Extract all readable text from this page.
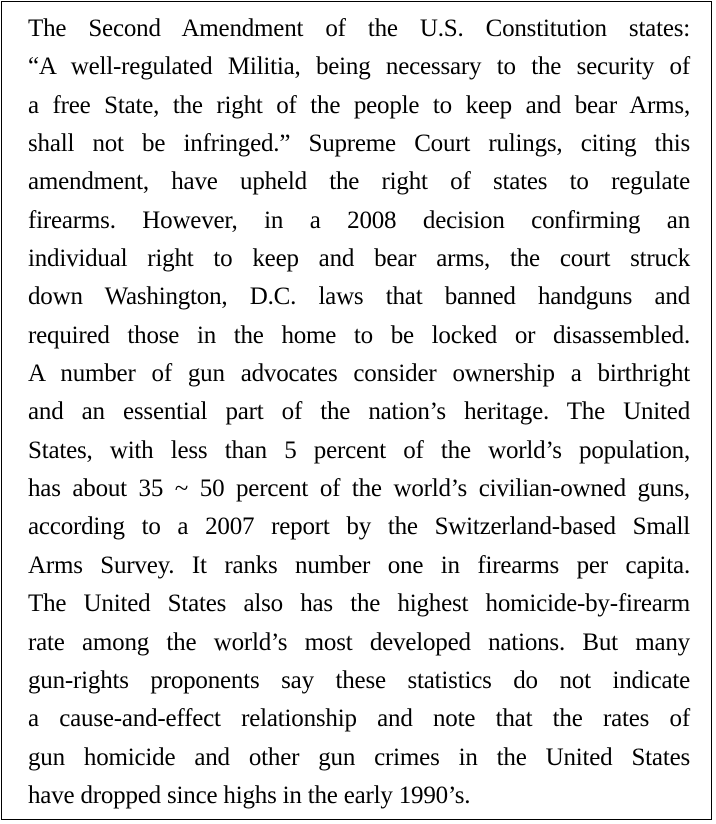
The Second Amendment of the U.S. Constitution states:
“A well-regulated Militia, being necessary to the security of
a free State, the right of the people to keep and bear Arms,
shall not be infringed.” Supreme Court rulings, citing this
amendment, have upheld the right of states to regulate
firearms. However, in a 2008 decision confirming an
individual right to keep and bear arms, the court struck
down Washington, D.C. laws that banned handguns and
required those in the home to be locked or disassembled.
A number of gun advocates consider ownership a birthright
and an essential part of the nation’s heritage. The United
States, with less than 5 percent of the world’s population,
has about 35 ~ 50 percent of the world’s civilian-owned guns,
according to a 2007 report by the Switzerland-based Small
Arms Survey. It ranks number one in firearms per capita.
The United States also has the highest homicide-by-firearm
rate among the world’s most developed nations. But many
gun-rights proponents say these statistics do not indicate
a cause-and-effect relationship and note that the rates of
gun homicide and other gun crimes in the United States
have dropped since highs in the early 1990’s.
